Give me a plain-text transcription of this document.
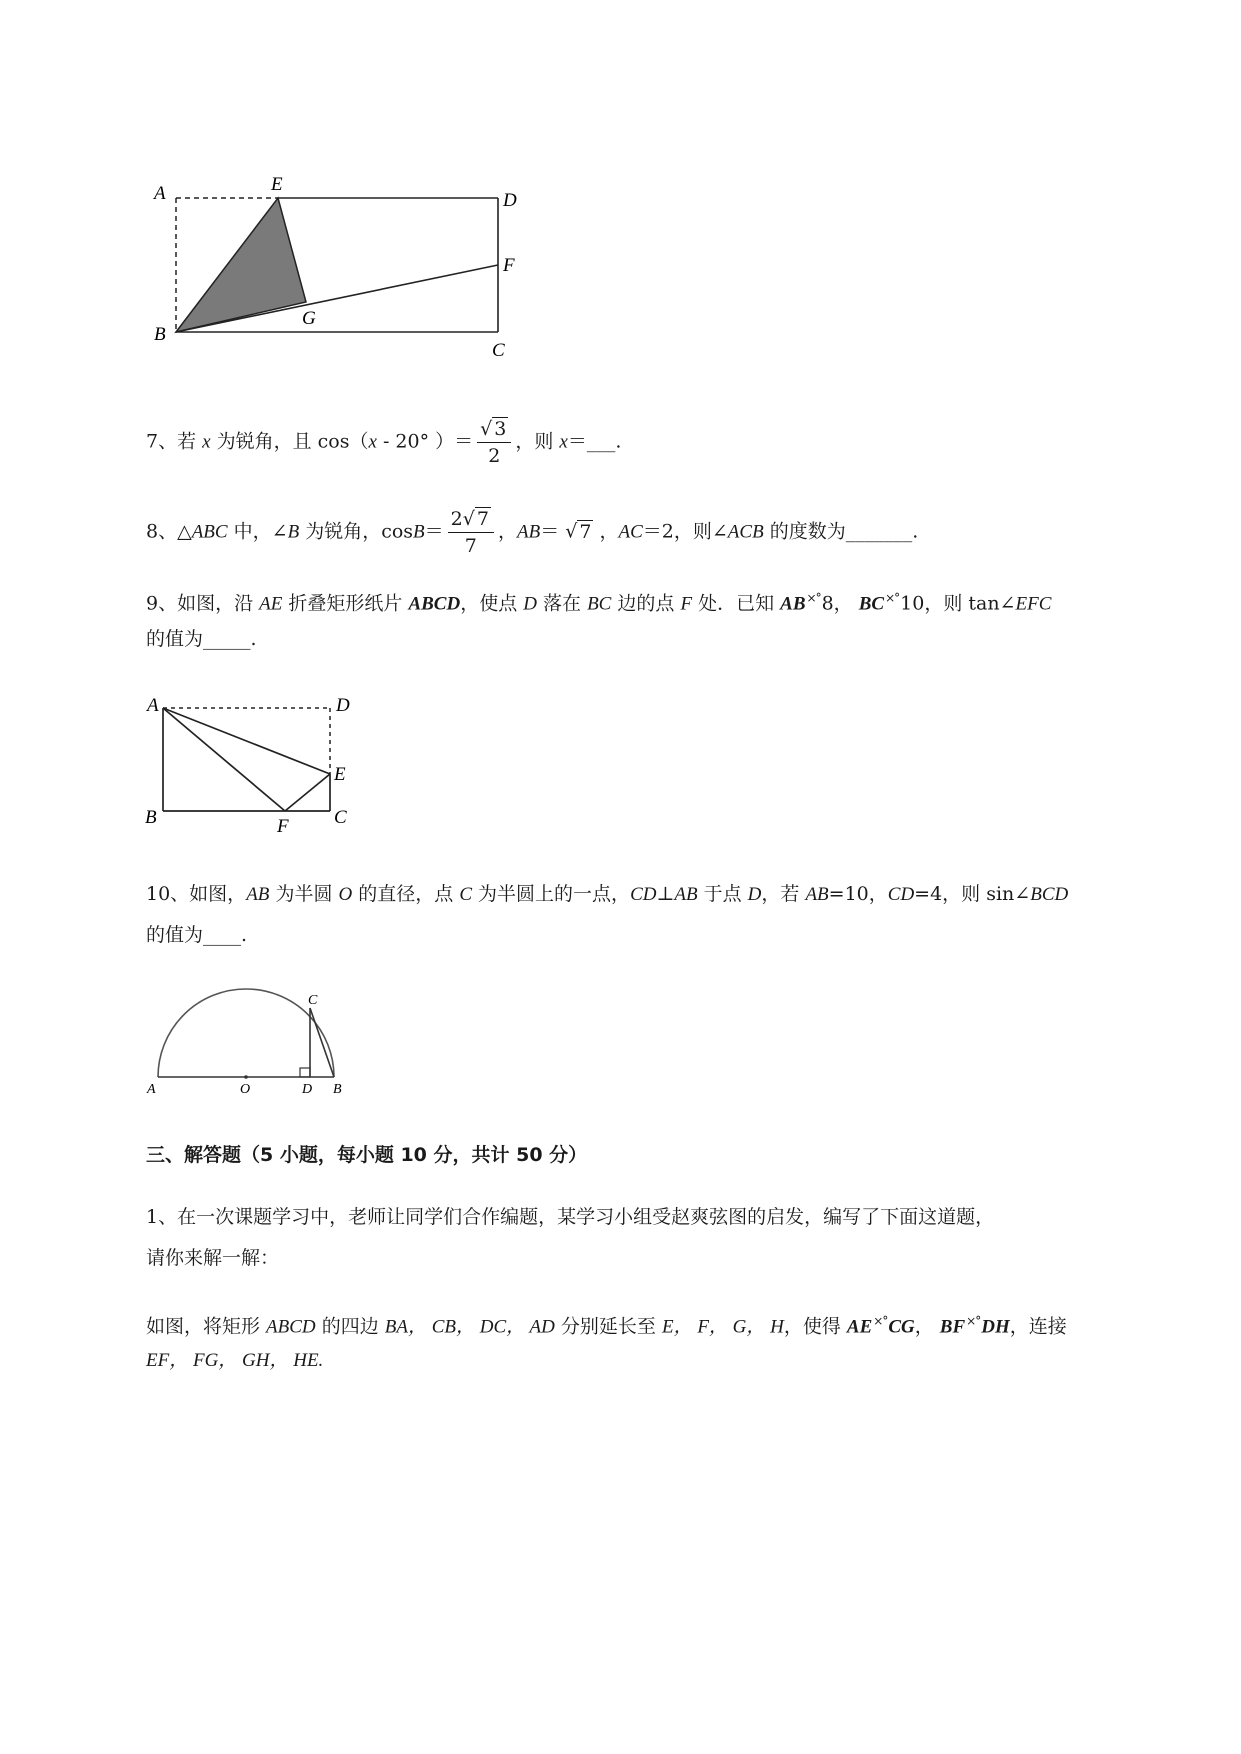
A	E
D
F
B
G
C
7、若 x 为锐角，且 cos（x - 20° ）＝ $\frac{√ 3}{2}$ ，则 x＝___.
8、△ABC 中，∠B 为锐角，$\cos B= \frac{2√ 7}{7}$ ，AB＝ √ 7 ，AC＝2，则∠ACB 的度数为_______.
9、如图，沿 AE 折叠矩形纸片 ABCD，使点 D 落在 BC 边的点 F 处．已知 AB×°8， BC×°10，则 tan∠EFC
的值为_____.
A	D
E
B	F C
10、如图，AB 为半圆 O 的直径，点 C 为半圆上的一点，CD⊥AB 于点 D，若 AB=10，CD=4，则 sin∠BCD
的值为____.
A	O	D B
C
三、解答题（5 小题，每小题 10 分，共计 50 分）
1、在一次课题学习中，老师让同学们合作编题，某学习小组受赵爽弦图的启发，编写了下面这道题，
请你来解一解：
如图，将矩形 ABCD 的四边 BA， CB， DC， AD 分别延长至 E， F， G， H，使得 AE×°CG， BF×°DH，连接
EF， FG， GH， HE.
